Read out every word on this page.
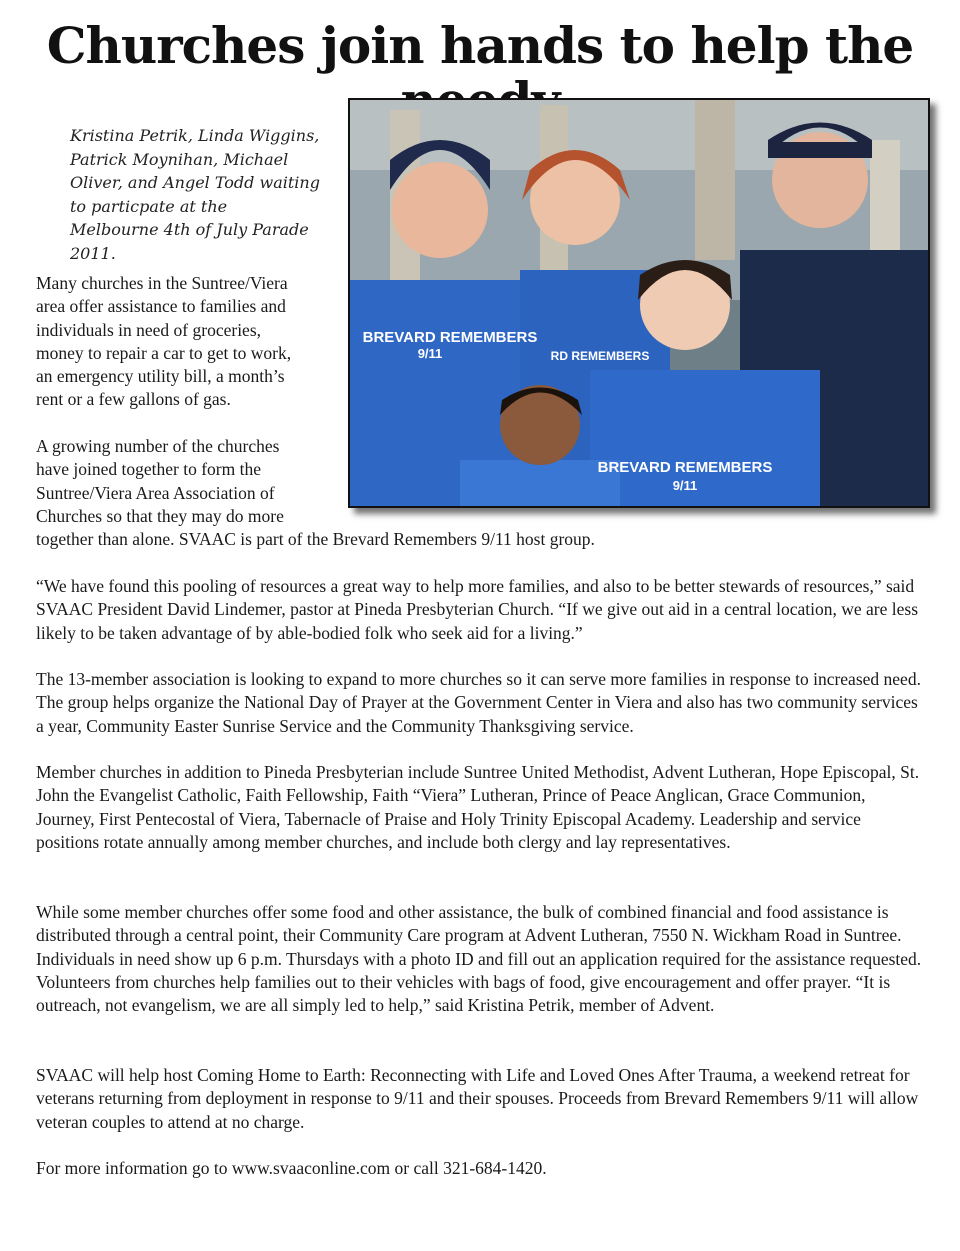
Churches join hands to help the
BREVARD REMEMBERS
9/11	RD REMEMBERS
BREVARD REMEMBERS
9/11

Kristina Petrik, Linda Wiggins, Patrick Moynihan, Michael Oliver, and Angel Todd waiting to particpate at the Melbourne 4th of July Parade 2011.

Many churches in the Suntree/Viera

area offer assistance to families and

individuals in need of groceries,

money to repair a car to get to work,

an emergency utility bill, a month’s

rent or a few gallons of gas.

A growing number of the churches

have joined together to form the

Suntree/Viera Area Association of

Churches so that they may do more

together than alone. SVAAC is part of the Brevard Remembers 9/11 host group.

“We have found this pooling of resources a great way to help more families, and also to be better stewards of resources,” said SVAAC President David Lindemer, pastor at Pineda Presbyterian Church. “If we give out aid in a central location, we are less likely to be taken advantage of by able-bodied folk who seek aid for a living.”

The 13-member association is looking to expand to more churches so it can serve more families in response to increased need. The group helps organize the National Day of Prayer at the Government Center in Viera and also has two community services a year, Community Easter Sunrise Service and the Community Thanksgiving service.

Member churches in addition to Pineda Presbyterian include Suntree United Methodist, Advent Lutheran, Hope Episcopal, St. John the Evangelist Catholic, Faith Fellowship, Faith “Viera” Lutheran, Prince of Peace Anglican, Grace Communion, Journey, First Pentecostal of Viera, Tabernacle of Praise and Holy Trinity Episcopal Academy. Leadership and service positions rotate annually among member churches, and include both clergy and lay representatives.

While some member churches offer some food and other assistance, the bulk of combined financial and food assistance is distributed through a central point, their Community Care program at Advent Lutheran, 7550 N. Wickham Road in Suntree. Individuals in need show up 6 p.m. Thursdays with a photo ID and fill out an application required for the assistance requested. Volunteers from churches help families out to their vehicles with bags of food, give encouragement and offer prayer. “It is outreach, not evangelism, we are all simply led to help,” said Kristina Petrik, member of Advent.

SVAAC will help host Coming Home to Earth: Reconnecting with Life and Loved Ones After Trauma, a weekend retreat for veterans returning from deployment in response to 9/11 and their spouses. Proceeds from Brevard Remembers 9/11 will allow veteran couples to attend at no charge.

For more information go to www.svaaconline.com or call 321-684-1420.
